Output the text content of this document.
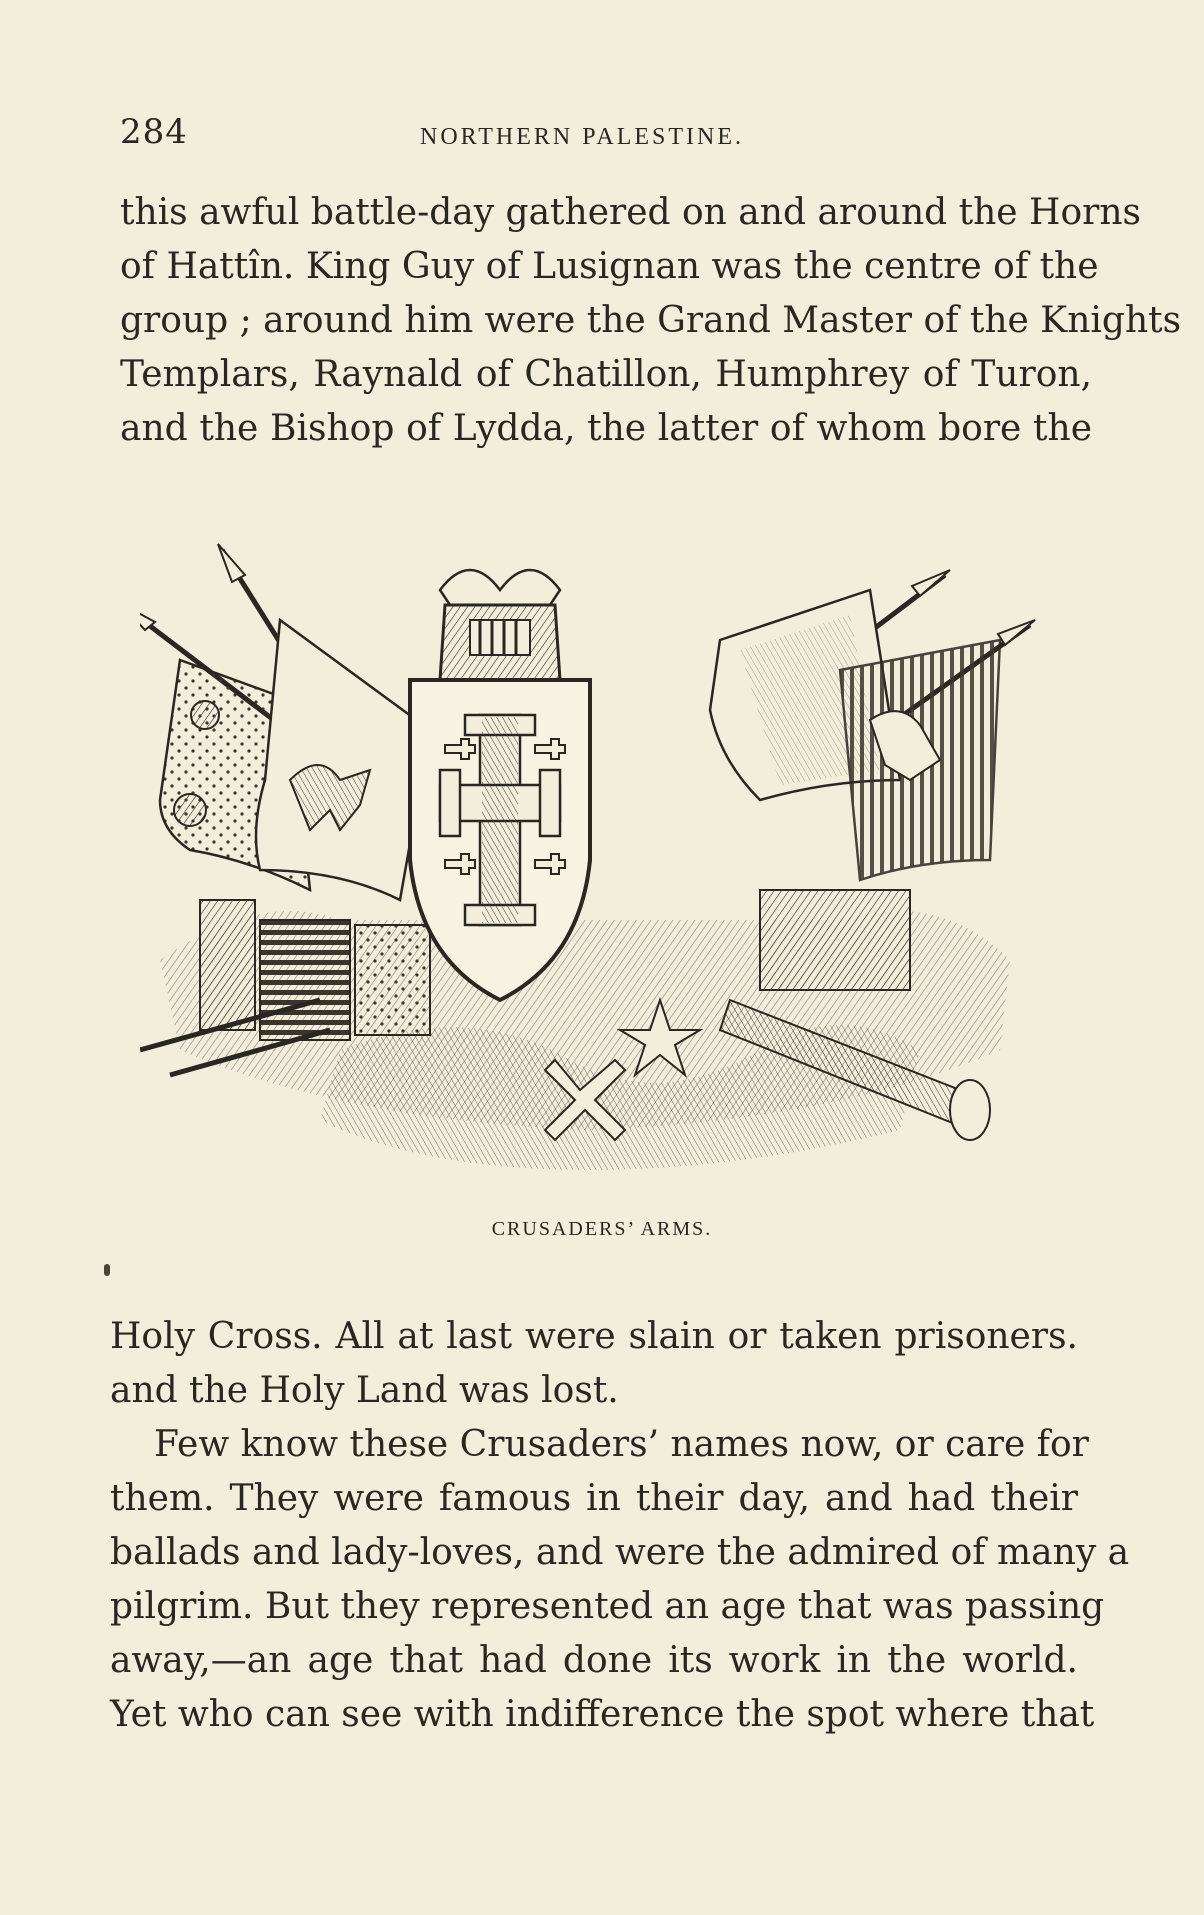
284	NORTHERN PALESTINE.
this awful battle-day gathered on and around the Horns
of Hattîn. King Guy of Lusignan was the centre of the
group ; around him were the Grand Master of the Knights
Templars, Raynald of Chatillon, Humphrey of Turon,
and the Bishop of Lydda, the latter of whom bore the
CRUSADERS’ ARMS.
Holy Cross. All at last were slain or taken prisoners.
and the Holy Land was lost.
Few know these Crusaders’ names now, or care for
them. They were famous in their day, and had their
ballads and lady-loves, and were the admired of many a
pilgrim. But they represented an age that was passing
away,—an age that had done its work in the world.
Yet who can see with indifference the spot where that
